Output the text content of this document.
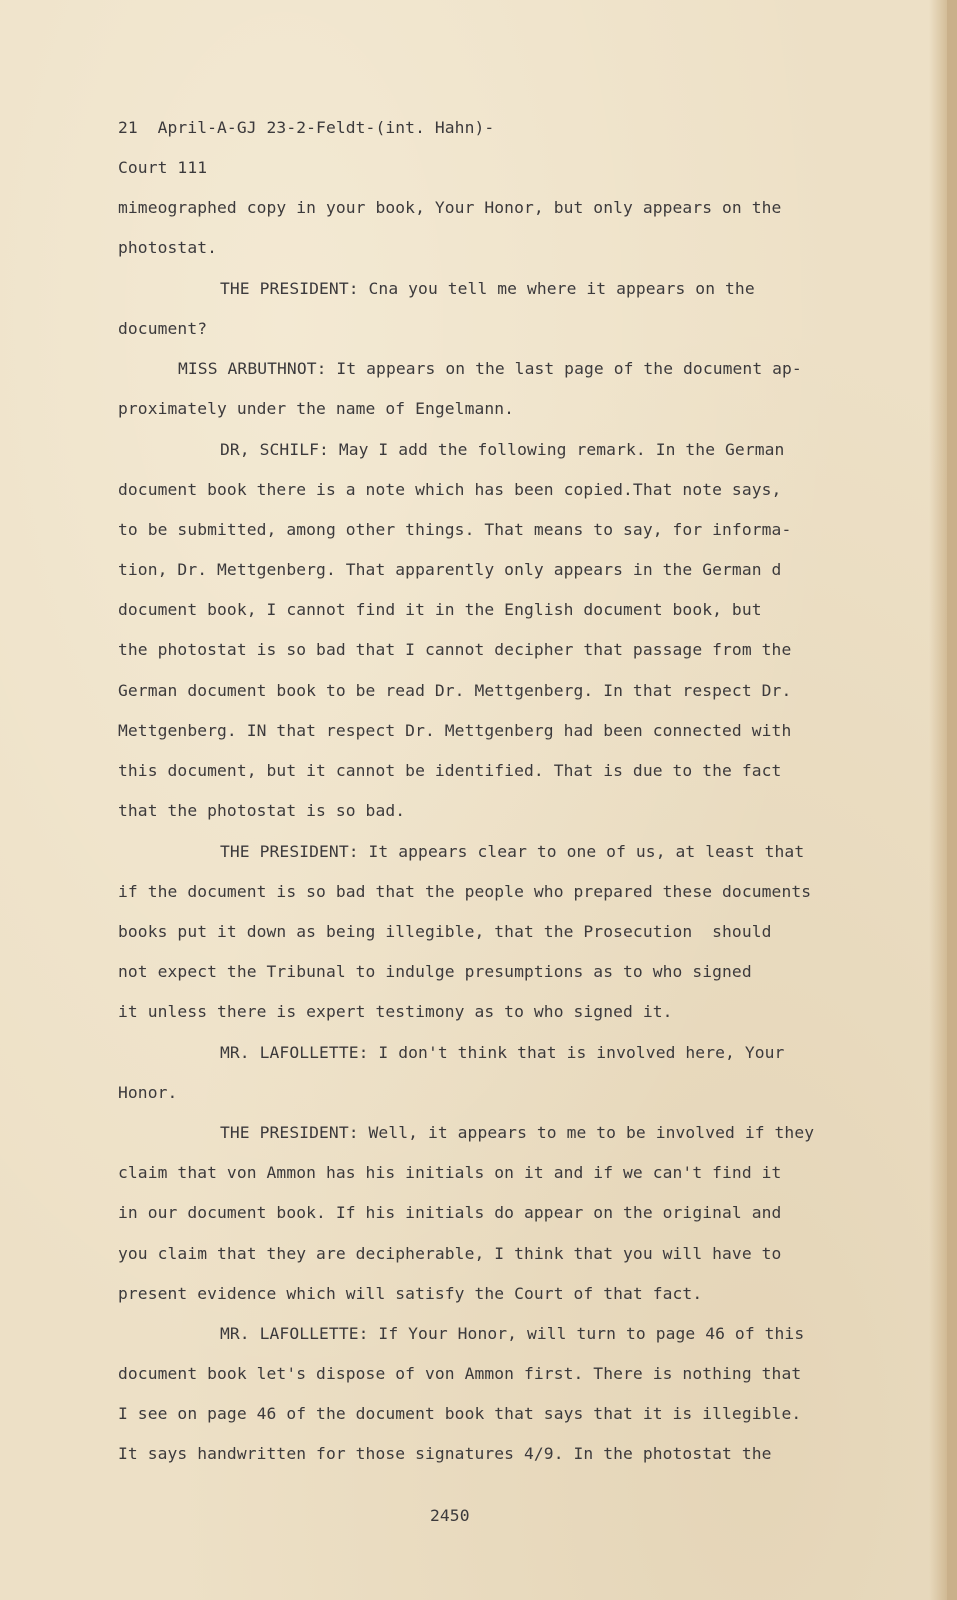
21  April-A-GJ 23-2-Feldt-(int. Hahn)-
Court 111
mimeographed copy in your book, Your Honor, but only appears on the
photostat.
THE PRESIDENT: Cna you tell me where it appears on the
document?
MISS ARBUTHNOT: It appears on the last page of the document ap-
proximately under the name of Engelmann.
DR, SCHILF: May I add the following remark. In the German
document book there is a note which has been copied.That note says,
to be submitted, among other things. That means to say, for informa-
tion, Dr. Mettgenberg. That apparently only appears in the German d
document book, I cannot find it in the English document book, but
the photostat is so bad that I cannot decipher that passage from the
German document book to be read Dr. Mettgenberg. In that respect Dr.
Mettgenberg. IN that respect Dr. Mettgenberg had been connected with
this document, but it cannot be identified. That is due to the fact
that the photostat is so bad.
THE PRESIDENT: It appears clear to one of us, at least that
if the document is so bad that the people who prepared these documents
books put it down as being illegible, that the Prosecution  should
not expect the Tribunal to indulge presumptions as to who signed
it unless there is expert testimony as to who signed it.
MR. LAFOLLETTE: I don't think that is involved here, Your
Honor.
THE PRESIDENT: Well, it appears to me to be involved if they
claim that von Ammon has his initials on it and if we can't find it
in our document book. If his initials do appear on the original and
you claim that they are decipherable, I think that you will have to
present evidence which will satisfy the Court of that fact.
MR. LAFOLLETTE: If Your Honor, will turn to page 46 of this
document book let's dispose of von Ammon first. There is nothing that
I see on page 46 of the document book that says that it is illegible.
It says handwritten for those signatures 4/9. In the photostat the
2450
